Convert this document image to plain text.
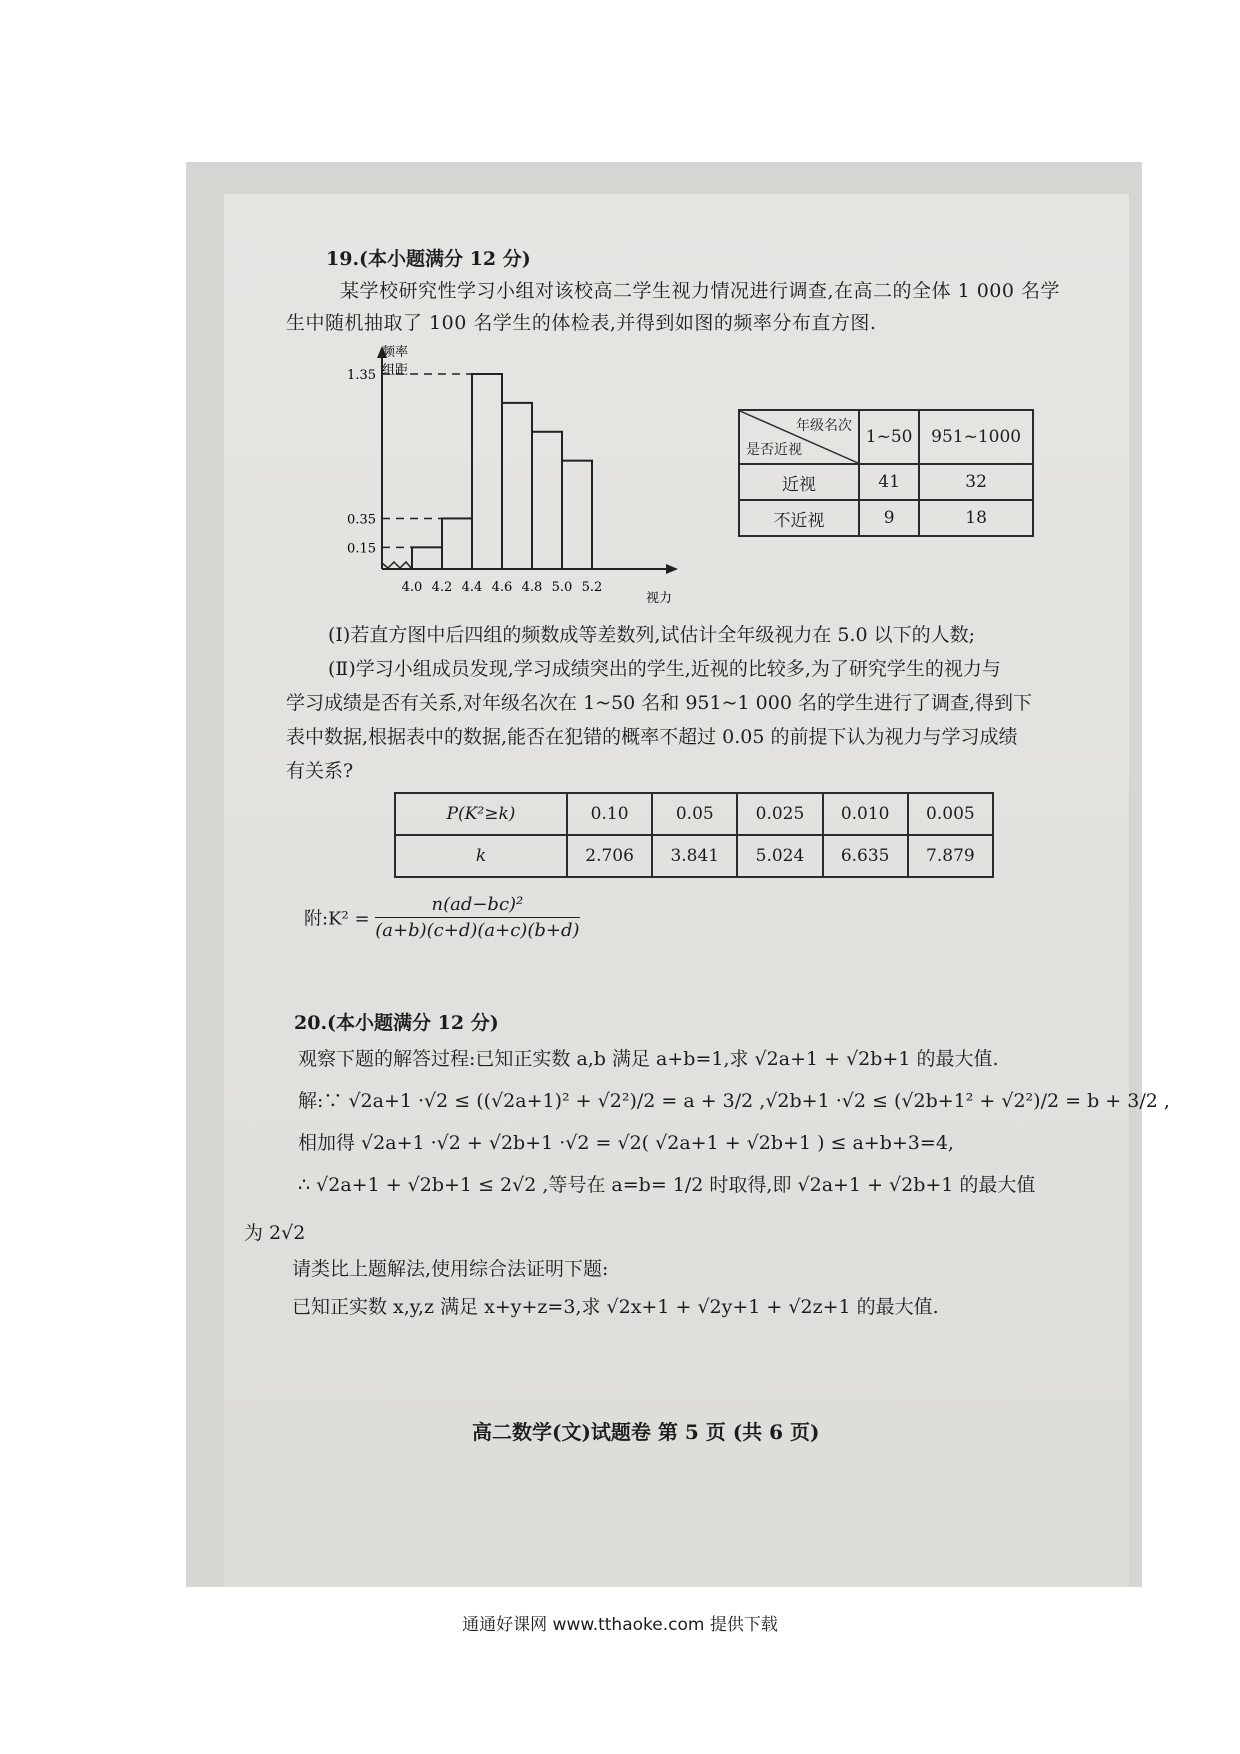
19.(本小题满分 12 分)
某学校研究性学习小组对该校高二学生视力情况进行调查,在高二的全体 1 000 名学
生中随机抽取了 100 名学生的体检表,并得到如图的频率分布直方图.
0.15
0.35
1.35
4.0 4.2 4.4 4.6 4.8 5.0 5.2
频率
组距
视力
年级名次
是否近视	1~50	951~1000
近视	41	32
不近视	9	18
(Ⅰ)若直方图中后四组的频数成等差数列,试估计全年级视力在 5.0 以下的人数;
(Ⅱ)学习小组成员发现,学习成绩突出的学生,近视的比较多,为了研究学生的视力与
学习成绩是否有关系,对年级名次在 1~50 名和 951~1 000 名的学生进行了调查,得到下
表中数据,根据表中的数据,能否在犯错的概率不超过 0.05 的前提下认为视力与学习成绩
有关系?
P(K²≥k)	0.10	0.05	0.025	0.010	0.005
k	2.706	3.841	5.024	6.635	7.879
附:K² = $\frac{\text{n(ad−bc)²}}{(a+b)(c+d)(a+c)(b+d)}$
20.(本小题满分 12 分)
观察下题的解答过程:已知正实数 a,b 满足 a+b=1,求 √2a+1 + √2b+1 的最大值.
解:∵ √2a+1 ·√2 ≤ ((√2a+1)² + √2²)/2 = a + 3/2 ,√2b+1 ·√2 ≤ (√2b+1² + √2²)/2 = b + 3/2 ,
相加得 √2a+1 ·√2 + √2b+1 ·√2 = √2( √2a+1 + √2b+1 ) ≤ a+b+3=4,
∴ √2a+1 + √2b+1 ≤ 2√2 ,等号在 a=b= 1/2 时取得,即 √2a+1 + √2b+1 的最大值
为 2√2
请类比上题解法,使用综合法证明下题:
已知正实数 x,y,z 满足 x+y+z=3,求 √2x+1 + √2y+1 + √2z+1 的最大值.
高二数学(文)试题卷 第 5 页 (共 6 页)
通通好课网 www.tthaoke.com 提供下载
